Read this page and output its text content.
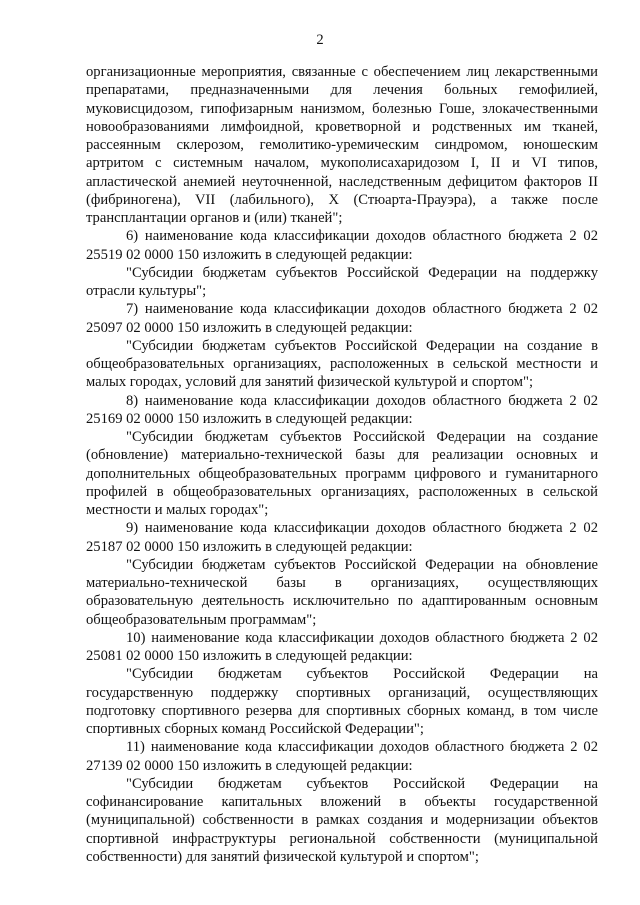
2

организационные мероприятия, связанные с обеспечением лиц лекарственными препаратами, предназначенными для лечения больных гемофилией, муковисцидозом, гипофизарным нанизмом, болезнью Гоше, злокачественными новообразованиями лимфоидной, кроветворной и родственных им тканей, рассеянным склерозом, гемолитико-уремическим синдромом, юношеским артритом с системным началом, мукополисахаридозом I, II и VI типов, апластической анемией неуточненной, наследственным дефицитом факторов II (фибриногена), VII (лабильного), X (Стюарта-Прауэра), а также после трансплантации органов и (или) тканей";

6) наименование кода классификации доходов областного бюджета 2 02 25519 02 0000 150 изложить в следующей редакции:

"Субсидии бюджетам субъектов Российской Федерации на поддержку отрасли культуры";

7) наименование кода классификации доходов областного бюджета 2 02 25097 02 0000 150 изложить в следующей редакции:

"Субсидии бюджетам субъектов Российской Федерации на создание в общеобразовательных организациях, расположенных в сельской местности и малых городах, условий для занятий физической культурой и спортом";

8) наименование кода классификации доходов областного бюджета 2 02 25169 02 0000 150 изложить в следующей редакции:

"Субсидии бюджетам субъектов Российской Федерации на создание (обновление) материально-технической базы для реализации основных и дополнительных общеобразовательных программ цифрового и гуманитарного профилей в общеобразовательных организациях, расположенных в сельской местности и малых городах";

9) наименование кода классификации доходов областного бюджета 2 02 25187 02 0000 150 изложить в следующей редакции:

"Субсидии бюджетам субъектов Российской Федерации на обновление материально-технической базы в организациях, осуществляющих образовательную деятельность исключительно по адаптированным основным общеобразовательным программам";

10) наименование кода классификации доходов областного бюджета 2 02 25081 02 0000 150 изложить в следующей редакции:

"Субсидии бюджетам субъектов Российской Федерации на государственную поддержку спортивных организаций, осуществляющих подготовку спортивного резерва для спортивных сборных команд, в том числе спортивных сборных команд Российской Федерации";

11) наименование кода классификации доходов областного бюджета 2 02 27139 02 0000 150 изложить в следующей редакции:

"Субсидии бюджетам субъектов Российской Федерации на софинансирование капитальных вложений в объекты государственной (муниципальной) собственности в рамках создания и модернизации объектов спортивной инфраструктуры региональной собственности (муниципальной собственности) для занятий физической культурой и спортом";
